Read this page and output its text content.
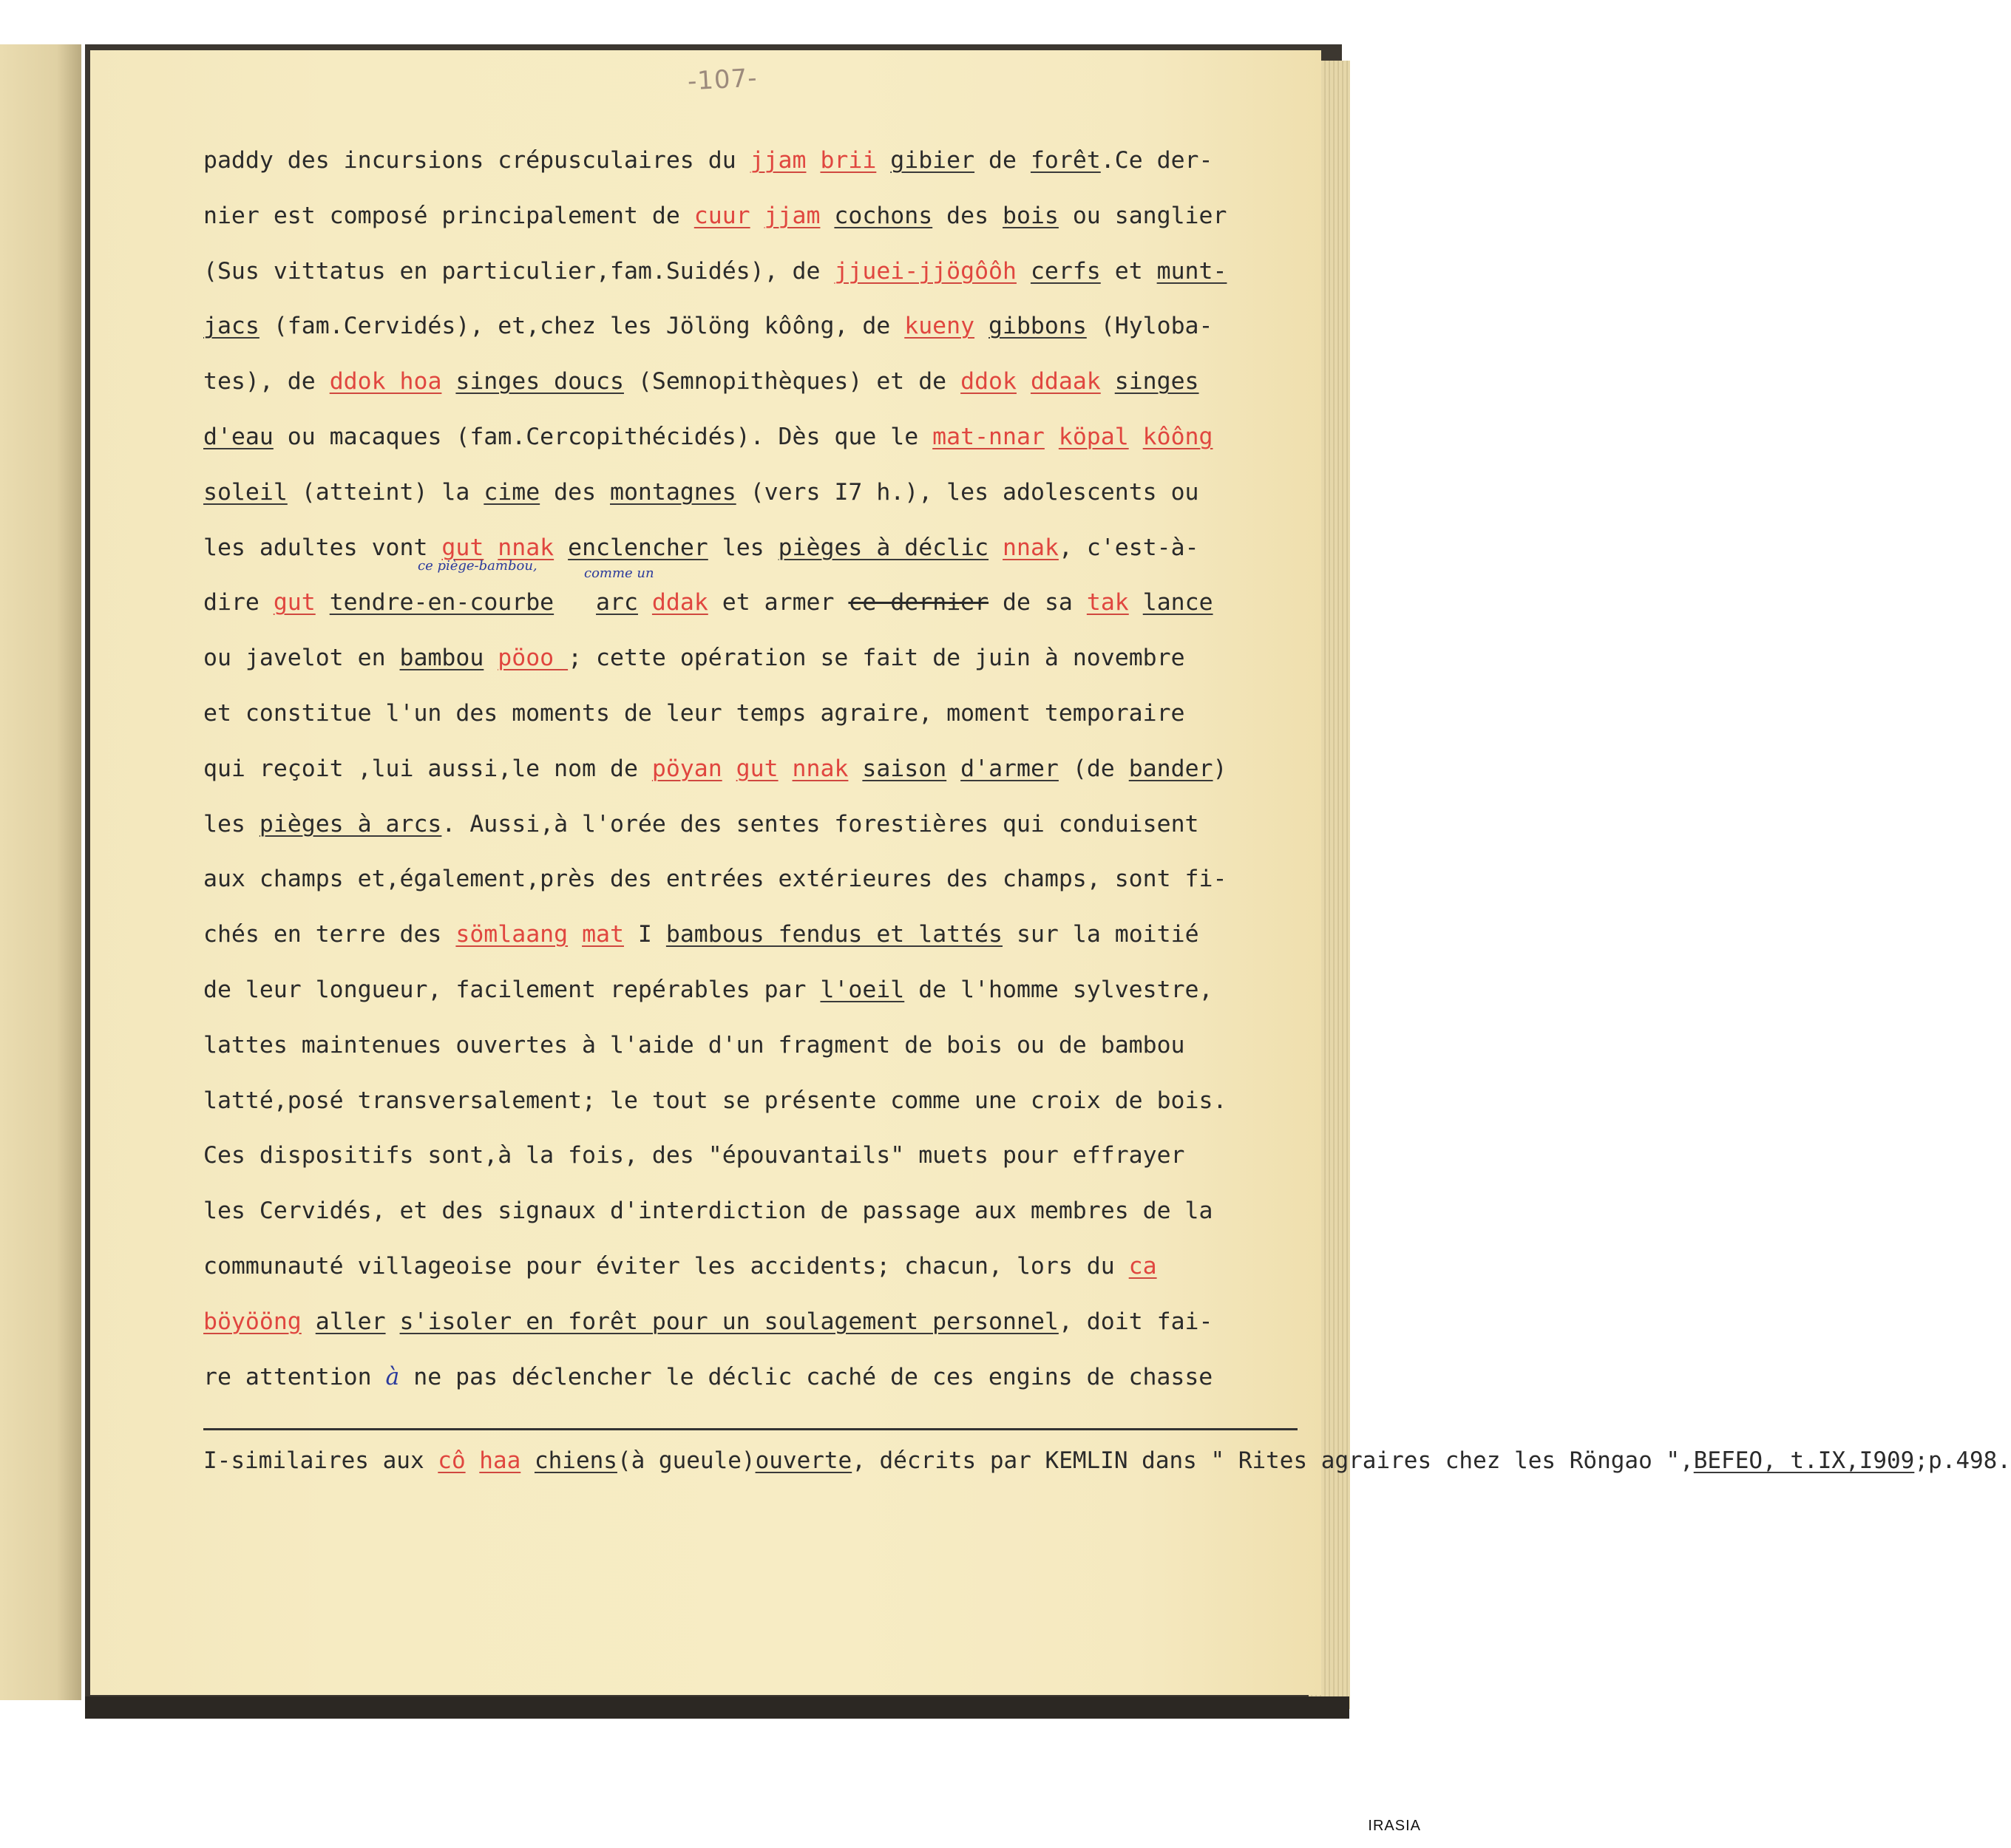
-107-
paddy des incursions crépusculaires du jjam brii gibier de forêt.Ce der-
nier est composé principalement de cuur jjam cochons des bois ou sanglier
(Sus vittatus en particulier,fam.Suidés), de jjuei-jjögôôh cerfs et munt-
jacs (fam.Cervidés), et,chez les Jölöng kôông, de kueny gibbons (Hyloba-
tes), de ddok hoa singes doucs (Semnopithèques) et de ddok ddaak singes
d'eau ou macaques (fam.Cercopithécidés). Dès que le mat-nnar köpal kôông
soleil (atteint) la cime des montagnes (vers I7 h.), les adolescents ou
les adultes vont gut nnak enclencher les pièges à déclic nnak, c'est-à-
dire gut tendre-en-courbe arc ddak et armer ce dernier de sa tak lance
ou javelot en bambou pöoo ; cette opération se fait de juin à novembre
et constitue l'un des moments de leur temps agraire, moment temporaire
qui reçoit ,lui aussi,le nom de pöyan gut nnak saison d'armer (de bander)
les pièges à arcs. Aussi,à l'orée des sentes forestières qui conduisent
aux champs et,également,près des entrées extérieures des champs, sont fi-
chés en terre des sömlaang mat I bambous fendus et lattés sur la moitié
de leur longueur, facilement repérables par l'oeil de l'homme sylvestre,
lattes maintenues ouvertes à l'aide d'un fragment de bois ou de bambou
latté,posé transversalement; le tout se présente comme une croix de bois.
Ces dispositifs sont,à la fois, des "épouvantails" muets pour effrayer
les Cervidés, et des signaux d'interdiction de passage aux membres de la
communauté villageoise pour éviter les accidents; chacun, lors du ca
böyööng aller s'isoler en forêt pour un soulagement personnel, doit fai-
re attention à ne pas déclencher le déclic caché de ces engins de chasse
ce piège-bambou,	comme un
I-similaires aux cô haa chiens(à gueule)ouverte, décrits par KEMLIN dans " Rites agraires chez les Röngao ",BEFEO, t.IX,I909;p.498.
IRASIA
